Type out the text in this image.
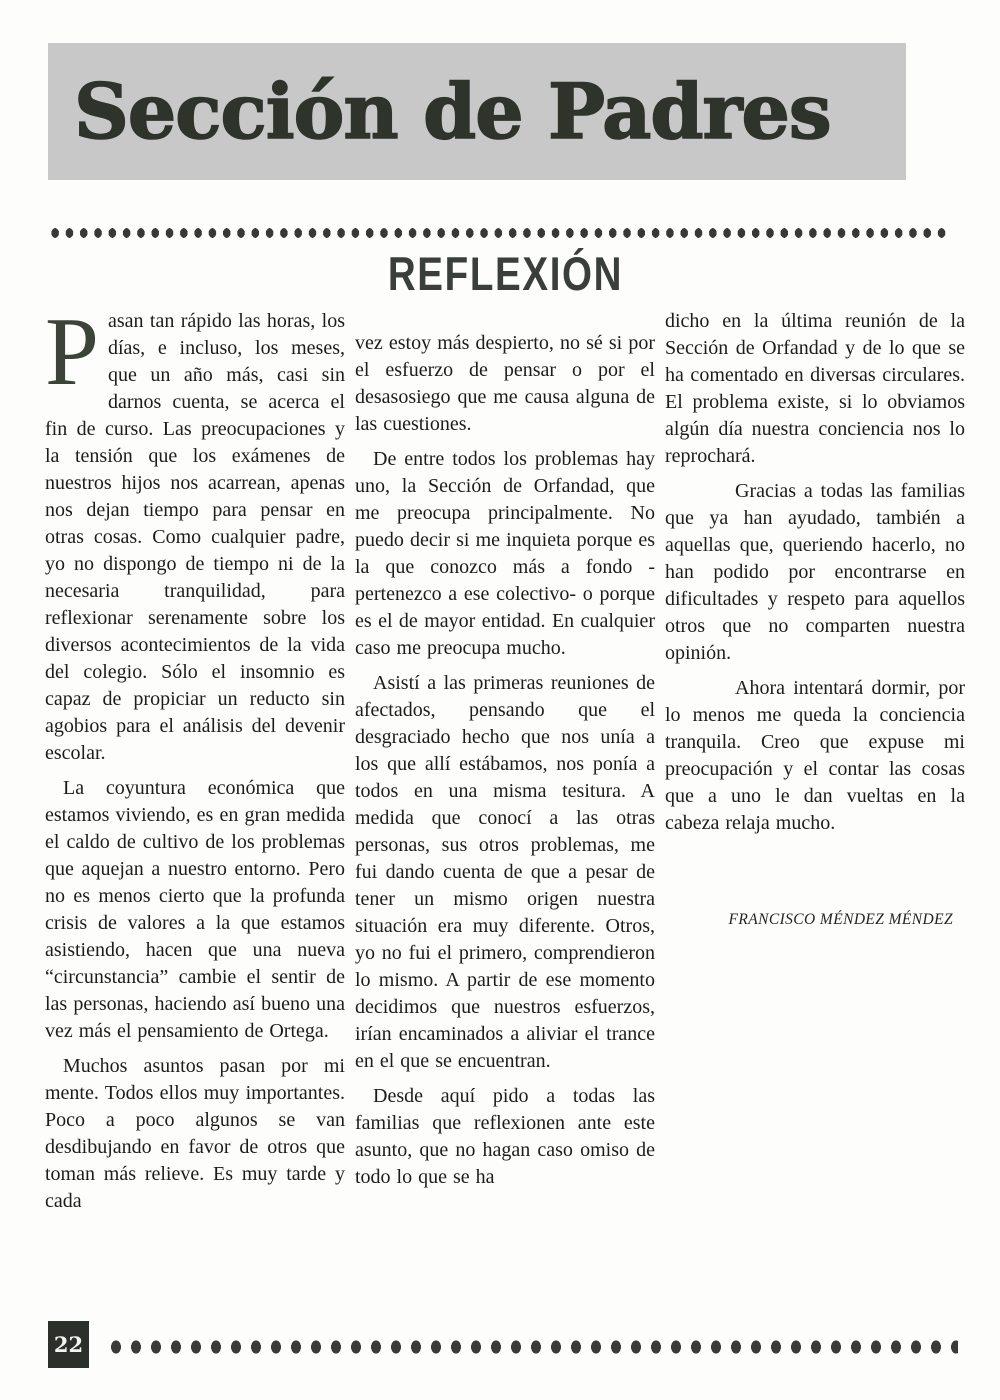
Sección de Padres
REFLEXIÓN

Pasan tan rápido las horas, los días, e incluso, los meses, que un año más, casi sin darnos cuenta, se acerca el fin de curso. Las preocupaciones y la tensión que los exámenes de nuestros hijos nos acarrean, apenas nos dejan tiempo para pensar en otras cosas. Como cualquier padre, yo no dispongo de tiempo ni de la necesaria tranquilidad, para reflexionar serenamente sobre los diversos acontecimientos de la vida del colegio. Sólo el insomnio es capaz de propiciar un reducto sin agobios para el análisis del devenir escolar.

La coyuntura económica que estamos viviendo, es en gran medida el caldo de cultivo de los problemas que aquejan a nuestro entorno. Pero no es menos cierto que la profunda crisis de valores a la que estamos asistiendo, hacen que una nueva “circunstancia” cambie el sentir de las personas, haciendo así bueno una vez más el pensamiento de Ortega.

Muchos asuntos pasan por mi mente. Todos ellos muy importantes. Poco a poco algunos se van desdibujando en favor de otros que toman más relieve. Es muy tarde y cada

vez estoy más despierto, no sé si por el esfuerzo de pensar o por el desasosiego que me causa alguna de las cuestiones.

De entre todos los problemas hay uno, la Sección de Orfandad, que me preocupa principalmente. No puedo decir si me inquieta porque es la que conozco más a fondo - pertenezco a ese colectivo- o porque es el de mayor entidad. En cualquier caso me preocupa mucho.

Asistí a las primeras reuniones de afectados, pensando que el desgraciado hecho que nos unía a los que allí estábamos, nos ponía a todos en una misma tesitura. A medida que conocí a las otras personas, sus otros problemas, me fui dando cuenta de que a pesar de tener un mismo origen nuestra situación era muy diferente. Otros, yo no fui el primero, comprendieron lo mismo. A partir de ese momento decidimos que nuestros esfuerzos, irían encaminados a aliviar el trance en el que se encuentran.

Desde aquí pido a todas las familias que reflexionen ante este asunto, que no hagan caso omiso de todo lo que se ha

dicho en la última reunión de la Sección de Orfandad y de lo que se ha comentado en diversas circulares. El problema existe, si lo obviamos algún día nuestra conciencia nos lo reprochará.

Gracias a todas las familias que ya han ayudado, también a aquellas que, queriendo hacerlo, no han podido por encontrarse en dificultades y respeto para aquellos otros que no comparten nuestra opinión.

Ahora intentará dormir, por lo menos me queda la conciencia tranquila. Creo que expuse mi preocupación y el contar las cosas que a uno le dan vueltas en la cabeza relaja mucho.

FRANCISCO MÉNDEZ MÉNDEZ
22
